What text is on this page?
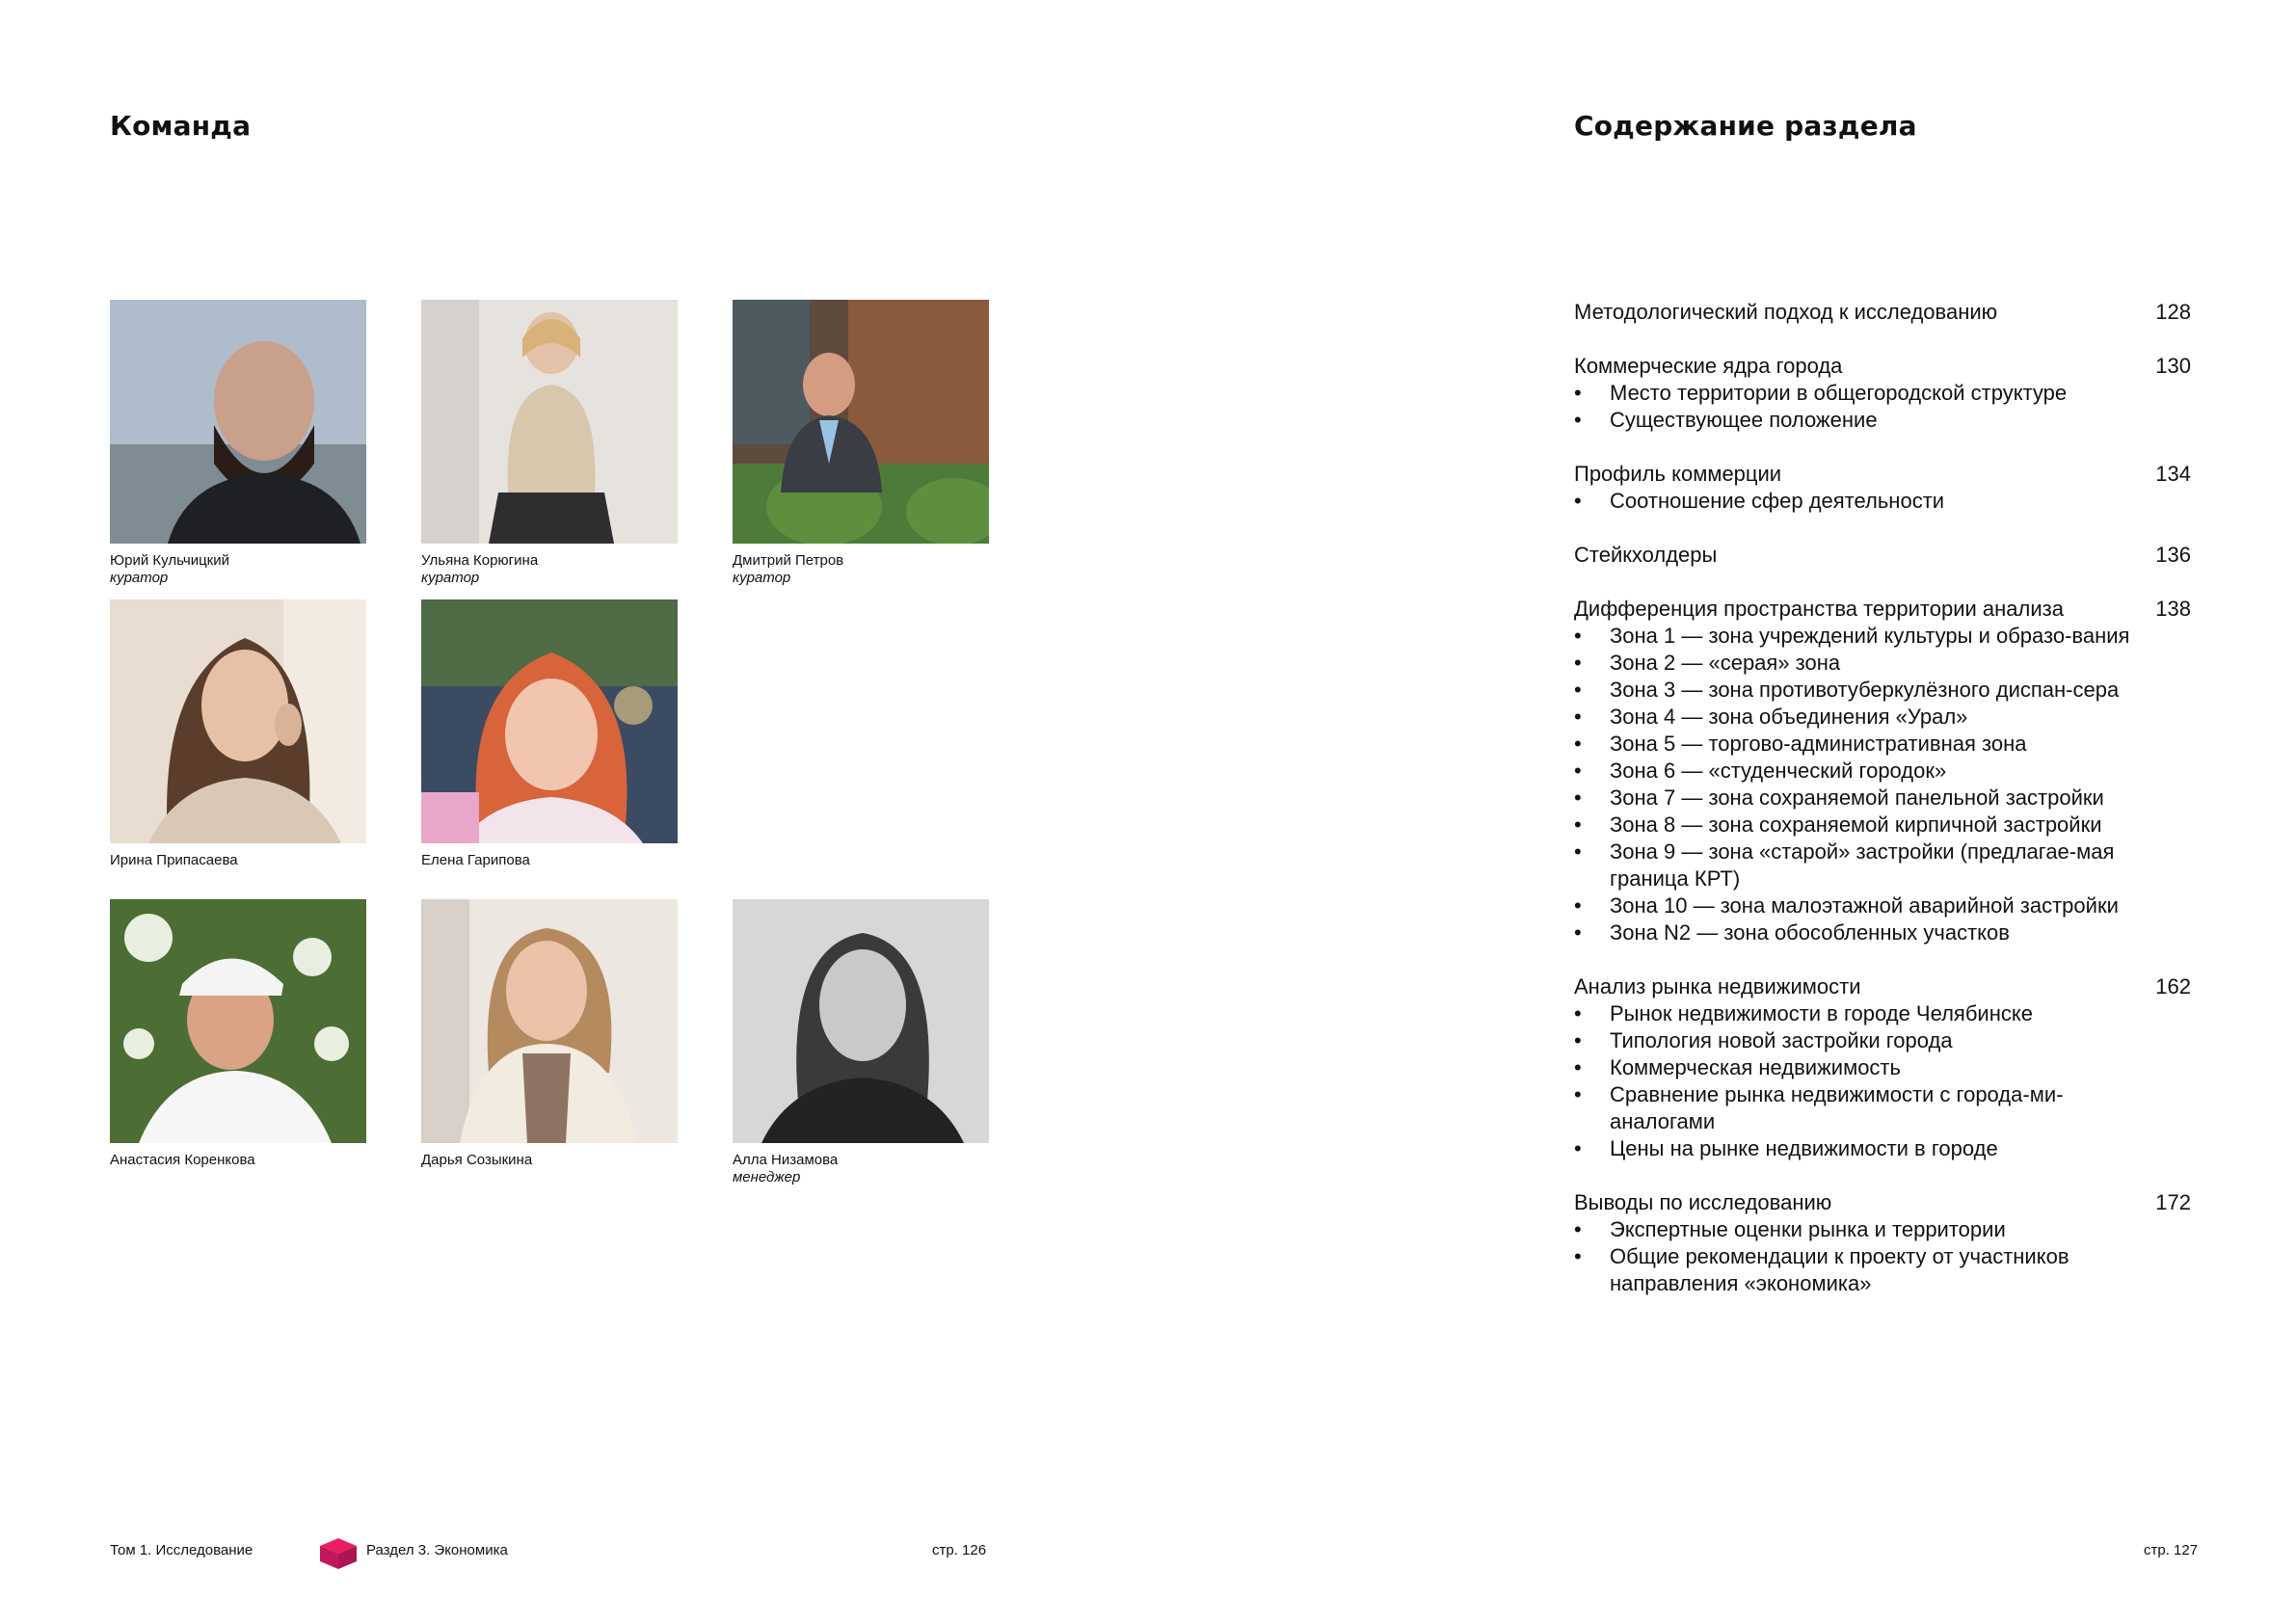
Команда
Юрий Кульчицкий
куратор
Ульяна Корюгина
куратор
Дмитрий Петров
куратор
Ирина Припасаева	Елена Гарипова
Анастасия Коренкова	Дарья Созыкина	Алла Низамова
менеджер
Том 1. Исследование	Раздел 3. Экономика	стр. 126
Содержание раздела
Методологический подход к исследованию	128
Коммерческие ядра города	130
• Место территории в общегородской структуре
• Существующее положение
Профиль коммерции	134
• Соотношение сфер деятельности
Стейкхолдеры	136
Дифференция пространства территории анализа	138
• Зона 1 — зона учреждений культуры и образо-вания
• Зона 2 — «серая» зона
• Зона 3 — зона противотуберкулёзного диспан-сера
• Зона 4 — зона объединения «Урал»
• Зона 5 — торгово-административная зона
• Зона 6 — «студенческий городок»
• Зона 7 — зона сохраняемой панельной застройки
• Зона 8 — зона сохраняемой кирпичной застройки
• Зона 9 — зона «старой» застройки (предлагае-мая граница КРТ)
• Зона 10 — зона малоэтажной аварийной застройки
• Зона N2 — зона обособленных участков
Анализ рынка недвижимости	162
• Рынок недвижимости в городе Челябинске
• Типология новой застройки города
• Коммерческая недвижимость
• Сравнение рынка недвижимости с города-ми-аналогами
• Цены на рынке недвижимости в городе
Выводы по исследованию	172
• Экспертные оценки рынка и территории
• Общие рекомендации к проекту от участников направления «экономика»
стр. 127
